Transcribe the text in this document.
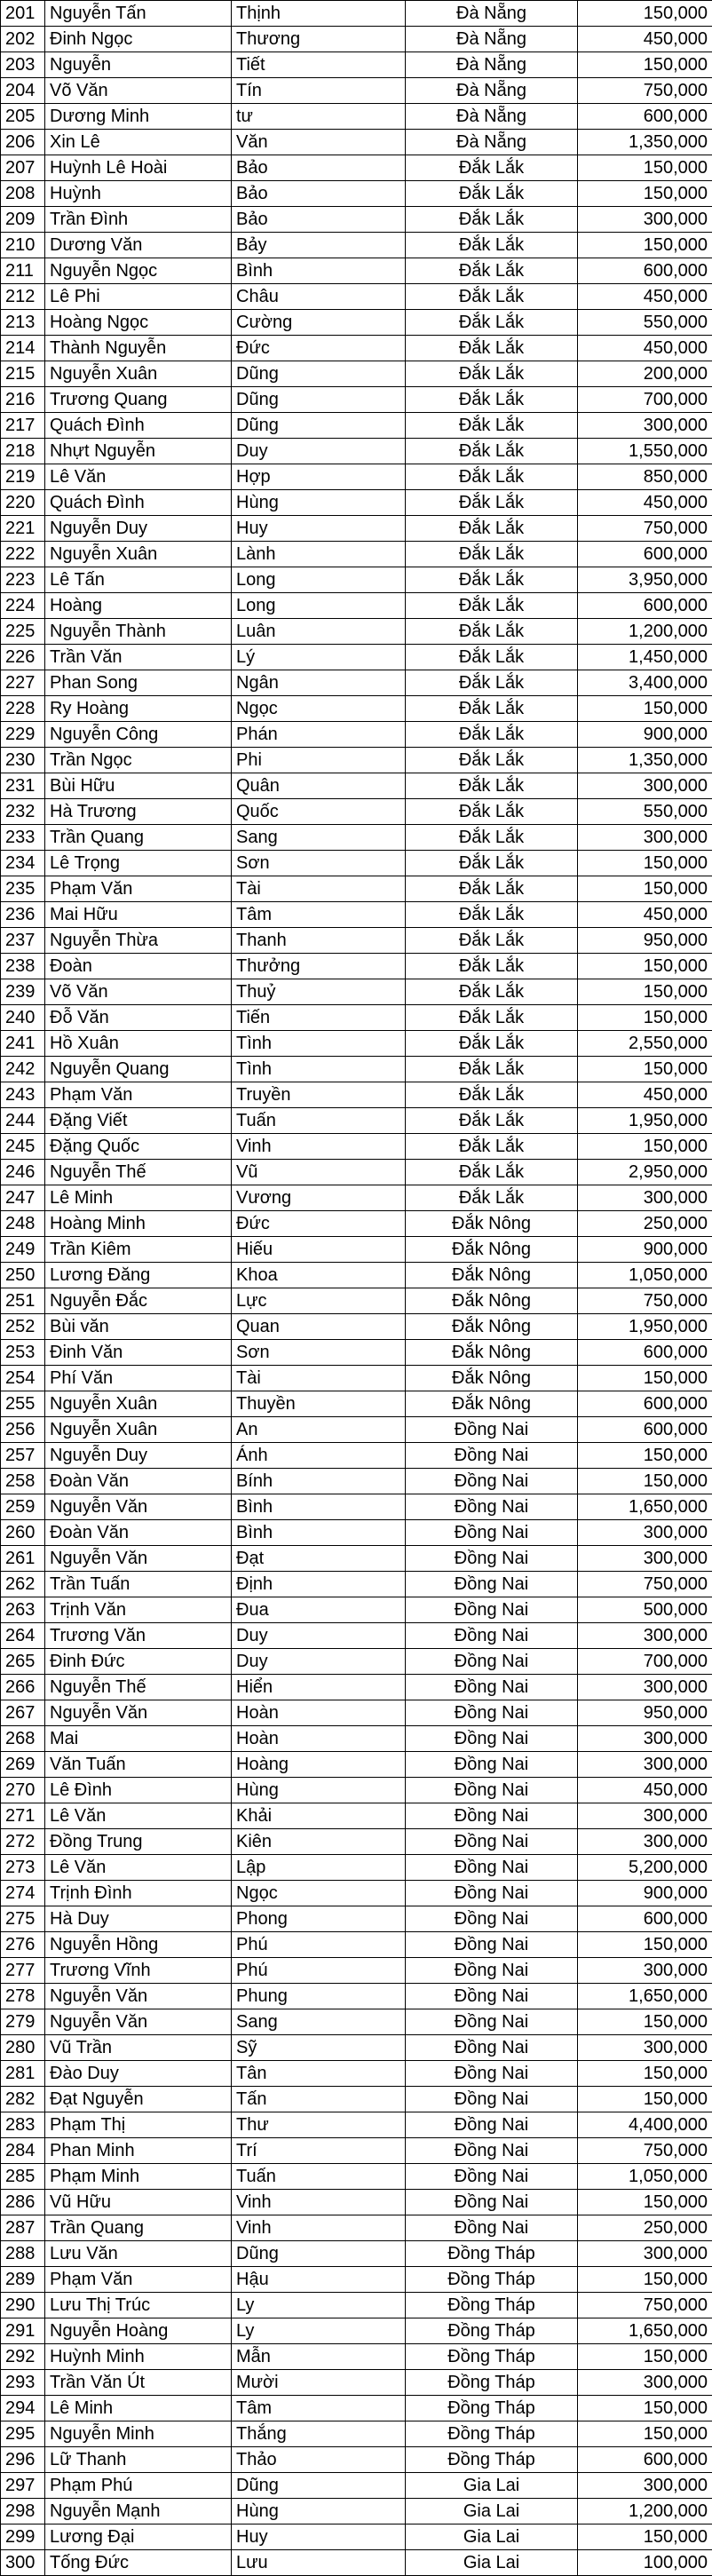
201	Nguyễn Tấn	Thịnh	Đà Nẵng	150,000
202	Đinh Ngọc	Thương	Đà Nẵng	450,000
203	Nguyễn	Tiết	Đà Nẵng	150,000
204	Võ Văn	Tín	Đà Nẵng	750,000
205	Dương Minh	tư	Đà Nẵng	600,000
206	Xin Lê	Văn	Đà Nẵng	1,350,000
207	Huỳnh Lê Hoài	Bảo	Đắk Lắk	150,000
208	Huỳnh	Bảo	Đắk Lắk	150,000
209	Trần Đình	Bảo	Đắk Lắk	300,000
210	Dương Văn	Bảy	Đắk Lắk	150,000
211	Nguyễn Ngọc	Bình	Đắk Lắk	600,000
212	Lê Phi	Châu	Đắk Lắk	450,000
213	Hoàng Ngọc	Cường	Đắk Lắk	550,000
214	Thành Nguyễn	Đức	Đắk Lắk	450,000
215	Nguyễn Xuân	Dũng	Đắk Lắk	200,000
216	Trương Quang	Dũng	Đắk Lắk	700,000
217	Quách Đình	Dũng	Đắk Lắk	300,000
218	Nhựt Nguyễn	Duy	Đắk Lắk	1,550,000
219	Lê Văn	Hợp	Đắk Lắk	850,000
220	Quách Đình	Hùng	Đắk Lắk	450,000
221	Nguyễn Duy	Huy	Đắk Lắk	750,000
222	Nguyễn Xuân	Lành	Đắk Lắk	600,000
223	Lê Tấn	Long	Đắk Lắk	3,950,000
224	Hoàng	Long	Đắk Lắk	600,000
225	Nguyễn Thành	Luân	Đắk Lắk	1,200,000
226	Trần Văn	Lý	Đắk Lắk	1,450,000
227	Phan Song	Ngân	Đắk Lắk	3,400,000
228	Ry Hoàng	Ngọc	Đắk Lắk	150,000
229	Nguyễn Công	Phán	Đắk Lắk	900,000
230	Trần Ngọc	Phi	Đắk Lắk	1,350,000
231	Bùi Hữu	Quân	Đắk Lắk	300,000
232	Hà Trương	Quốc	Đắk Lắk	550,000
233	Trần Quang	Sang	Đắk Lắk	300,000
234	Lê Trọng	Sơn	Đắk Lắk	150,000
235	Phạm Văn	Tài	Đắk Lắk	150,000
236	Mai Hữu	Tâm	Đắk Lắk	450,000
237	Nguyễn Thừa	Thanh	Đắk Lắk	950,000
238	Đoàn	Thưởng	Đắk Lắk	150,000
239	Võ Văn	Thuỷ	Đắk Lắk	150,000
240	Đỗ Văn	Tiến	Đắk Lắk	150,000
241	Hồ Xuân	Tình	Đắk Lắk	2,550,000
242	Nguyễn Quang	Tình	Đắk Lắk	150,000
243	Phạm Văn	Truyền	Đắk Lắk	450,000
244	Đặng Viết	Tuấn	Đắk Lắk	1,950,000
245	Đặng Quốc	Vinh	Đắk Lắk	150,000
246	Nguyễn Thế	Vũ	Đắk Lắk	2,950,000
247	Lê Minh	Vương	Đắk Lắk	300,000
248	Hoàng Minh	Đức	Đắk Nông	250,000
249	Trần Kiêm	Hiếu	Đắk Nông	900,000
250	Lương Đăng	Khoa	Đắk Nông	1,050,000
251	Nguyễn Đắc	Lực	Đắk Nông	750,000
252	Bùi văn	Quan	Đắk Nông	1,950,000
253	Đinh Văn	Sơn	Đắk Nông	600,000
254	Phí Văn	Tài	Đắk Nông	150,000
255	Nguyễn Xuân	Thuyền	Đắk Nông	600,000
256	Nguyễn Xuân	An	Đồng Nai	600,000
257	Nguyễn Duy	Ánh	Đồng Nai	150,000
258	Đoàn Văn	Bính	Đồng Nai	150,000
259	Nguyễn Văn	Bình	Đồng Nai	1,650,000
260	Đoàn Văn	Bình	Đồng Nai	300,000
261	Nguyễn Văn	Đạt	Đồng Nai	300,000
262	Trần Tuấn	Định	Đồng Nai	750,000
263	Trịnh Văn	Đua	Đồng Nai	500,000
264	Trương Văn	Duy	Đồng Nai	300,000
265	Đinh Đức	Duy	Đồng Nai	700,000
266	Nguyễn Thế	Hiển	Đồng Nai	300,000
267	Nguyễn Văn	Hoàn	Đồng Nai	950,000
268	Mai	Hoàn	Đồng Nai	300,000
269	Văn Tuấn	Hoàng	Đồng Nai	300,000
270	Lê Đình	Hùng	Đồng Nai	450,000
271	Lê Văn	Khải	Đồng Nai	300,000
272	Đồng Trung	Kiên	Đồng Nai	300,000
273	Lê Văn	Lập	Đồng Nai	5,200,000
274	Trịnh Đình	Ngọc	Đồng Nai	900,000
275	Hà Duy	Phong	Đồng Nai	600,000
276	Nguyễn Hồng	Phú	Đồng Nai	150,000
277	Trương Vĩnh	Phú	Đồng Nai	300,000
278	Nguyễn Văn	Phung	Đồng Nai	1,650,000
279	Nguyễn Văn	Sang	Đồng Nai	150,000
280	Vũ Trần	Sỹ	Đồng Nai	300,000
281	Đào Duy	Tân	Đồng Nai	150,000
282	Đạt Nguyễn	Tấn	Đồng Nai	150,000
283	Phạm Thị	Thư	Đồng Nai	4,400,000
284	Phan Minh	Trí	Đồng Nai	750,000
285	Phạm Minh	Tuấn	Đồng Nai	1,050,000
286	Vũ Hữu	Vinh	Đồng Nai	150,000
287	Trần Quang	Vinh	Đồng Nai	250,000
288	Lưu Văn	Dũng	Đồng Tháp	300,000
289	Phạm Văn	Hậu	Đồng Tháp	150,000
290	Lưu Thị Trúc	Ly	Đồng Tháp	750,000
291	Nguyễn Hoàng	Ly	Đồng Tháp	1,650,000
292	Huỳnh Minh	Mẫn	Đồng Tháp	150,000
293	Trần Văn Út	Mười	Đồng Tháp	300,000
294	Lê Minh	Tâm	Đồng Tháp	150,000
295	Nguyễn Minh	Thắng	Đồng Tháp	150,000
296	Lữ Thanh	Thảo	Đồng Tháp	600,000
297	Phạm Phú	Dũng	Gia Lai	300,000
298	Nguyễn Mạnh	Hùng	Gia Lai	1,200,000
299	Lương Đại	Huy	Gia Lai	150,000
300	Tống Đức	Lưu	Gia Lai	100,000
